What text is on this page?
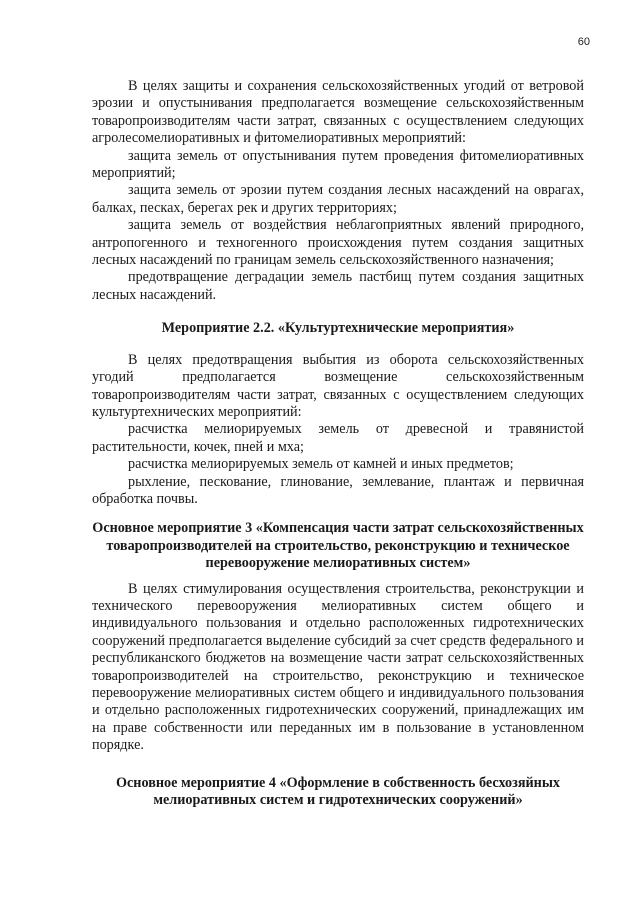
60

В целях защиты и сохранения сельскохозяйственных угодий от ветровой эрозии и опустынивания предполагается возмещение сельскохозяйственным товаропроизводителям части затрат, связанных с осуществлением следующих агролесомелиоративных и фитомелиоративных мероприятий:

защита земель от опустынивания путем проведения фитомелиоративных мероприятий;

защита земель от эрозии путем создания лесных насаждений на оврагах, балках, песках, берегах рек и других территориях;

защита земель от воздействия неблагоприятных явлений природного, антропогенного и техногенного происхождения путем создания защитных лесных насаждений по границам земель сельскохозяйственного назначения;

предотвращение деградации земель пастбищ путем создания защитных лесных насаждений.

Мероприятие 2.2. «Культуртехнические мероприятия»

В целях предотвращения выбытия из оборота сельскохозяйственных угодий предполагается возмещение сельскохозяйственным товаропроизводителям части затрат, связанных с осуществлением следующих культуртехнических мероприятий:

расчистка мелиорируемых земель от древесной и травянистой растительности, кочек, пней и мха;

расчистка мелиорируемых земель от камней и иных предметов;

рыхление, пескование, глинование, землевание, плантаж и первичная обработка почвы.

Основное мероприятие 3 «Компенсация части затрат сельскохозяйственных товаропроизводителей на строительство, реконструкцию и техническое перевооружение мелиоративных систем»

В целях стимулирования осуществления строительства, реконструкции и технического перевооружения мелиоративных систем общего и индивидуального пользования и отдельно расположенных гидротехнических сооружений предполагается выделение субсидий за счет средств федерального и республиканского бюджетов на возмещение части затрат сельскохозяйственных товаропроизводителей на строительство, реконструкцию и техническое перевооружение мелиоративных систем общего и индивидуального пользования и отдельно расположенных гидротехнических сооружений, принадлежащих им на праве собственности или переданных им в пользование в установленном порядке.

Основное мероприятие 4 «Оформление в собственность бесхозяйных мелиоративных систем и гидротехнических сооружений»
